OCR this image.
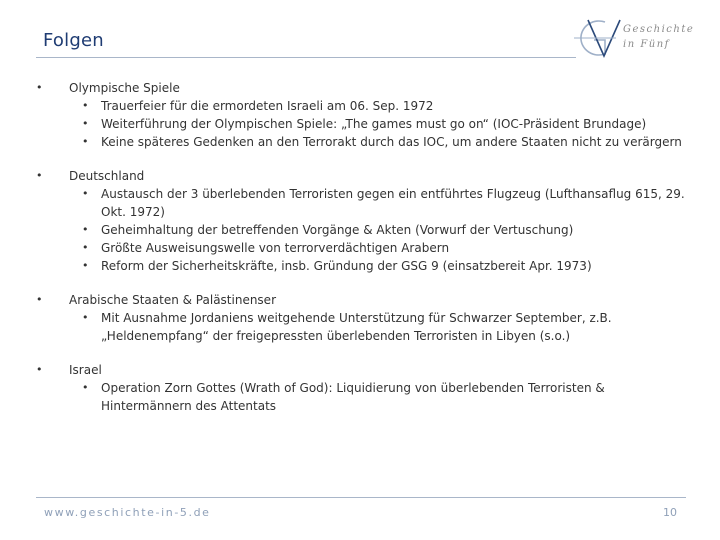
Folgen
Geschichte
in Fünf
• Olympische Spiele
• Trauerfeier für die ermordeten Israeli am 06. Sep. 1972
• Weiterführung der Olympischen Spiele: „The games must go on“ (IOC-Präsident Brundage)
• Keine späteres Gedenken an den Terrorakt durch das IOC, um andere Staaten nicht zu verärgern
• Deutschland
• Austausch der 3 überlebenden Terroristen gegen ein entführtes Flugzeug (Lufthansaflug 615, 29. Okt. 1972)
• Geheimhaltung der betreffenden Vorgänge & Akten (Vorwurf der Vertuschung)
• Größte Ausweisungswelle von terrorverdächtigen Arabern
• Reform der Sicherheitskräfte, insb. Gründung der GSG 9 (einsatzbereit Apr. 1973)
• Arabische Staaten & Palästinenser
• Mit Ausnahme Jordaniens weitgehende Unterstützung für Schwarzer September, z.B. „Heldenempfang“ der freigepressten überlebenden Terroristen in Libyen (s.o.)
• Israel
• Operation Zorn Gottes (Wrath of God): Liquidierung von überlebenden Terroristen & Hintermännern des Attentats
www.geschichte-in-5.de	10
